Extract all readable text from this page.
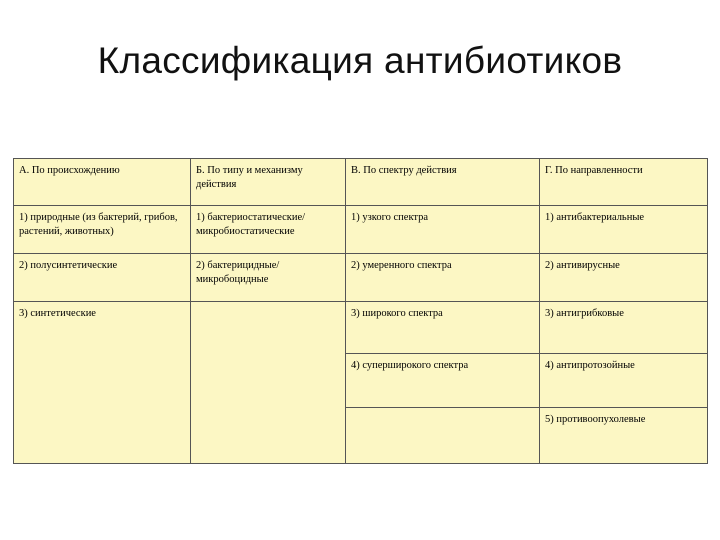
Классификация антибиотиков
А. По происхождению	Б. По типу и механизму действия	В. По спектру действия	Г. По направленности
1) природные (из бактерий, грибов, растений, животных)	1) бактериостатические/ микробиостатические	1) узкого спектра	1) антибактериальные
2) полусинтетические	2) бактерицидные/ микробоцидные	2) умеренного спектра	2) антивирусные
3) синтетические		3) широкого спектра	3) антигрибковые
		4) суперширокого спектра	4) антипротозойные
			5) противоопухолевые
